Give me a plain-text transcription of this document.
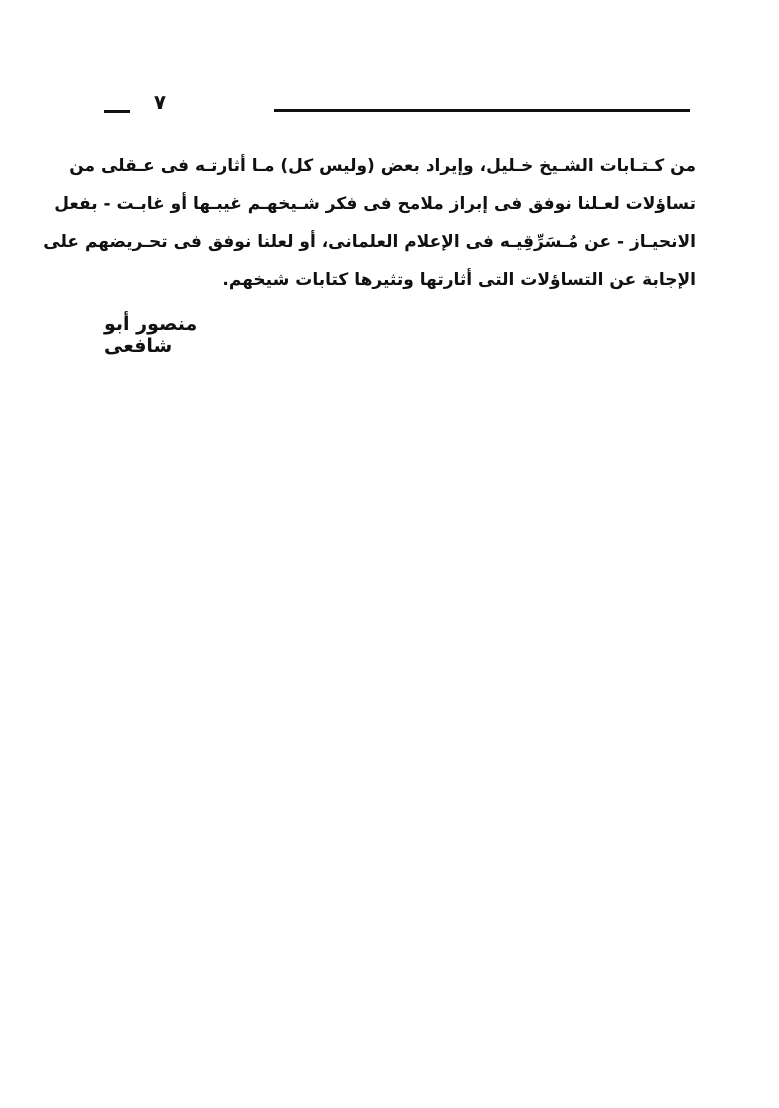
٧
من كـتـابات الشـيخ خـليل، وإيراد بعض (وليس كل) مـا أثارتـه فى عـقلى من
تساؤلات لعـلنا نوفق فى إبراز ملامح فى فكر شـيخهـم غيبـها أو غابـت - بفعل
الانحيـاز - عن مُـسَرِّقِيـه فى الإعلام العلمانى، أو لعلنا نوفق فى تحـريضهم على
الإجابة عن التساؤلات التى أثارتها وتثيرها كتابات شيخهم.
منصور أبو شافعى
